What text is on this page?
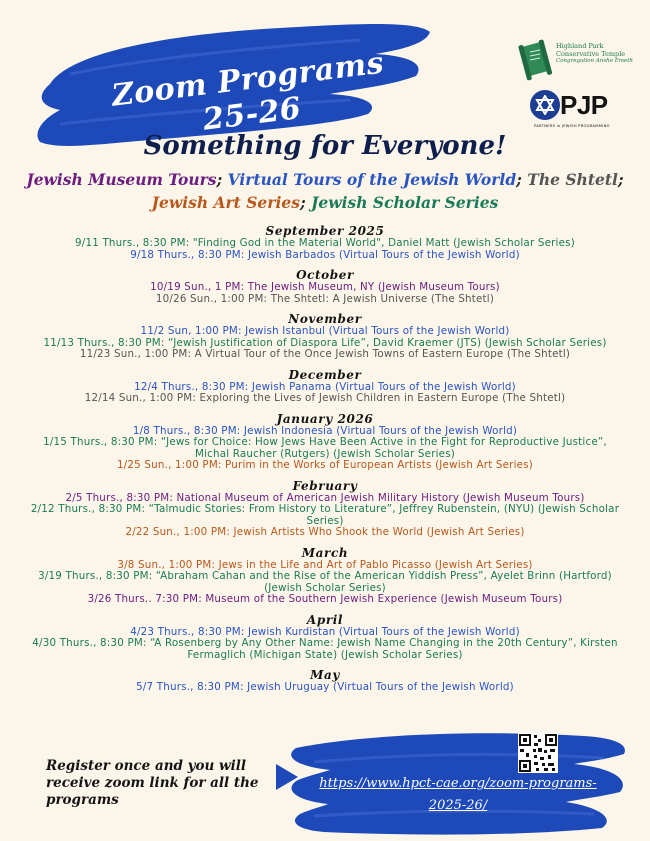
Zoom Programs 25-26
Highland Park
Conservative Temple
Congregation Anshe Emeth
PJP
PARTNERS in JEWISH PROGRAMMING
Something for Everyone!
Jewish Museum Tours; Virtual Tours of the Jewish World; The Shtetl;
Jewish Art Series; Jewish Scholar Series
September 2025
9/11 Thurs., 8:30 PM: "Finding God in the Material World", Daniel Matt (Jewish Scholar Series)
9/18 Thurs., 8:30 PM: Jewish Barbados (Virtual Tours of the Jewish World)
October
10/19 Sun., 1 PM: The Jewish Museum, NY (Jewish Museum Tours)
10/26 Sun., 1:00 PM: The Shtetl: A Jewish Universe (The Shtetl)
November
11/2 Sun, 1:00 PM: Jewish Istanbul (Virtual Tours of the Jewish World)
11/13 Thurs., 8:30 PM: “Jewish Justification of Diaspora Life”, David Kraemer (JTS) (Jewish Scholar Series)
11/23 Sun., 1:00 PM: A Virtual Tour of the Once Jewish Towns of Eastern Europe (The Shtetl)
December
12/4 Thurs., 8:30 PM: Jewish Panama (Virtual Tours of the Jewish World)
12/14 Sun., 1:00 PM: Exploring the Lives of Jewish Children in Eastern Europe (The Shtetl)
January 2026
1/8 Thurs., 8:30 PM: Jewish Indonesia (Virtual Tours of the Jewish World)
1/15 Thurs., 8:30 PM: “Jews for Choice: How Jews Have Been Active in the Fight for Reproductive Justice”, Michal Raucher (Rutgers) (Jewish Scholar Series)
1/25 Sun., 1:00 PM: Purim in the Works of European Artists (Jewish Art Series)
February
2/5 Thurs., 8:30 PM: National Museum of American Jewish Military History (Jewish Museum Tours)
2/12 Thurs., 8:30 PM: “Talmudic Stories: From History to Literature”, Jeffrey Rubenstein, (NYU) (Jewish Scholar Series)
2/22 Sun., 1:00 PM: Jewish Artists Who Shook the World (Jewish Art Series)
March
3/8 Sun., 1:00 PM: Jews in the Life and Art of Pablo Picasso (Jewish Art Series)
3/19 Thurs., 8:30 PM: “Abraham Cahan and the Rise of the American Yiddish Press”, Ayelet Brinn (Hartford) (Jewish Scholar Series)
3/26 Thurs.. 7:30 PM: Museum of the Southern Jewish Experience (Jewish Museum Tours)
April
4/23 Thurs., 8:30 PM: Jewish Kurdistan (Virtual Tours of the Jewish World)
4/30 Thurs., 8:30 PM: “A Rosenberg by Any Other Name: Jewish Name Changing in the 20th Century”, Kirsten Fermaglich (Michigan State) (Jewish Scholar Series)
May
5/7 Thurs., 8:30 PM: Jewish Uruguay (Virtual Tours of the Jewish World)
Register once and you will receive zoom link for all the programs
https://www.hpct-cae.org/zoom-programs-2025-26/
